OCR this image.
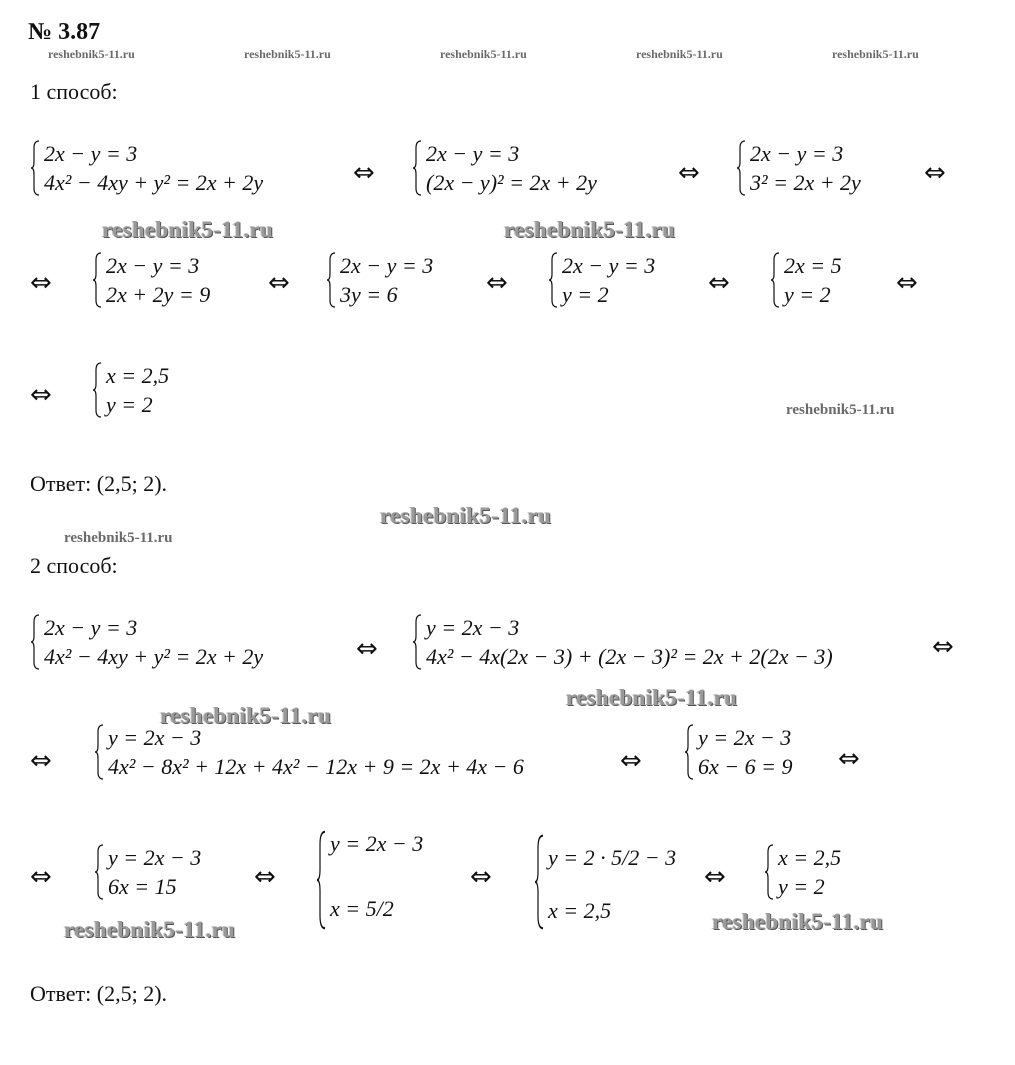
№ 3.87
reshebnik5-11.ru	reshebnik5-11.ru	reshebnik5-11.ru	reshebnik5-11.ru	reshebnik5-11.ru
1 способ:
2x − y = 3
4x² − 4xy + y² = 2x + 2y	⇔
2x − y = 3
(2x − y)² = 2x + 2y	⇔
2x − y = 3
3² = 2x + 2y ⇔
reshebnik5-11.ru	reshebnik5-11.ru
⇔
2x − y = 3
2x + 2y = 9 ⇔
2x − y = 3
3y = 6	⇔
2x − y = 3
y = 2	⇔
2x = 5
y = 2	⇔
⇔
x = 2,5
y = 2	reshebnik5-11.ru
Ответ: (2,5; 2).
reshebnik5-11.ru
reshebnik5-11.ru
2 способ:
2x − y = 3
4x² − 4xy + y² = 2x + 2y	⇔
y = 2x − 3
4x² − 4x(2x − 3) + (2x − 3)² = 2x + 2(2x − 3)	⇔
reshebnik5-11.ru
reshebnik5-11.ru
⇔
y = 2x − 3
4x² − 8x² + 12x + 4x² − 12x + 9 = 2x + 4x − 6	⇔
y = 2x − 3
6x − 6 = 9 ⇔
⇔
y = 2x − 3
6x = 15	⇔
y = 2x − 3
x = 5/2
⇔
y = 2 · 5/2 − 3
x = 2,5
⇔
x = 2,5
y = 2
reshebnik5-11.ru	reshebnik5-11.ru
Ответ: (2,5; 2).
